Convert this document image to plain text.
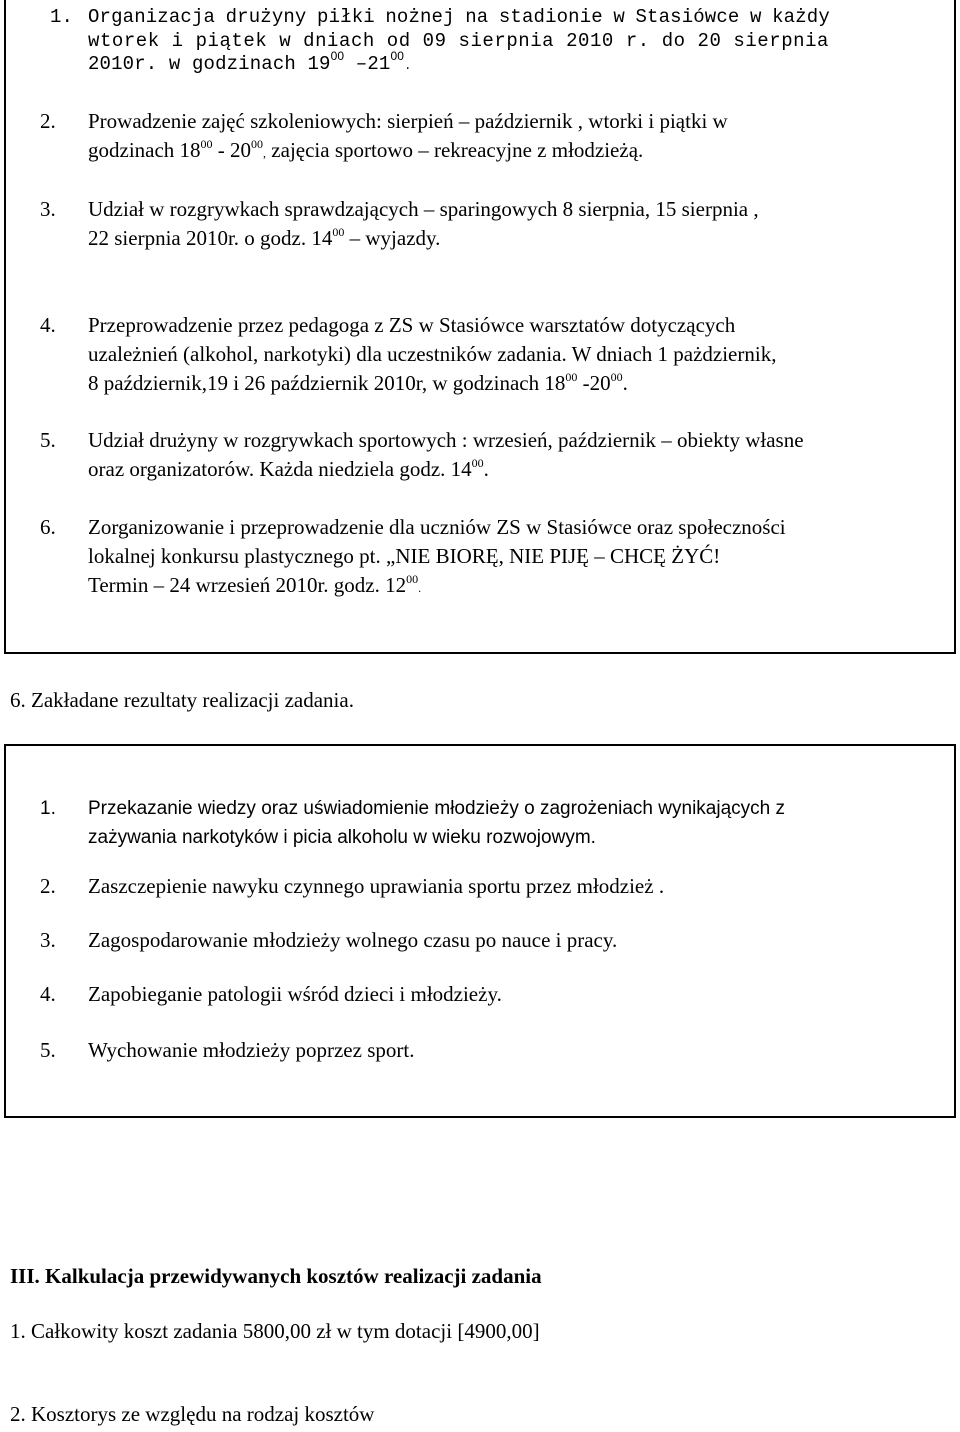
1. Organizacja drużyny piłki nożnej na stadionie w Stasiówce w każdy
wtorek i piątek w dniach od 09 sierpnia 2010 r. do 20 sierpnia
2010r. w godzinach $19^{00}$ $-21^{00}$.
2. Prowadzenie zajęć szkoleniowych: sierpień – październik , wtorki i piątki w
godzinach $18^{00} - 20^{00}$, zajęcia sportowo – rekreacyjne z młodzieżą.
3. Udział w rozgrywkach sprawdzających – sparingowych 8 sierpnia, 15 sierpnia ,
22 sierpnia 2010r. o godz. $14^{00}$ – wyjazdy.
4. Przeprowadzenie przez pedagoga z ZS w Stasiówce warsztatów dotyczących
uzależnień (alkohol, narkotyki) dla uczestników zadania. W dniach 1 pażdziernik,
8 październik,19 i 26 październik 2010r, w godzinach $18^{00}$ $-20^{00}$.
5. Udział drużyny w rozgrywkach sportowych : wrzesień, październik – obiekty własne
oraz organizatorów. Każda niedziela godz. $14^{00}$.
6. Zorganizowanie i przeprowadzenie dla uczniów ZS w Stasiówce oraz społeczności
lokalnej konkursu plastycznego pt. „NIE BIORĘ, NIE PIJĘ – CHCĘ ŻYĆ!
Termin – 24 wrzesień 2010r. godz. $12^{00}$.
6. Zakładane rezultaty realizacji zadania.
1. Przekazanie wiedzy oraz uświadomienie młodzieży o zagrożeniach wynikających z
zażywania narkotyków i picia alkoholu w wieku rozwojowym.
2. Zaszczepienie nawyku czynnego uprawiania sportu przez młodzież .
3. Zagospodarowanie młodzieży wolnego czasu po nauce i pracy.
4. Zapobieganie patologii wśród dzieci i młodzieży.
5. Wychowanie młodzieży poprzez sport.
III. Kalkulacja przewidywanych kosztów realizacji zadania
1. Całkowity koszt zadania 5800,00 zł w tym dotacji [4900,00]
2. Kosztorys ze względu na rodzaj kosztów
